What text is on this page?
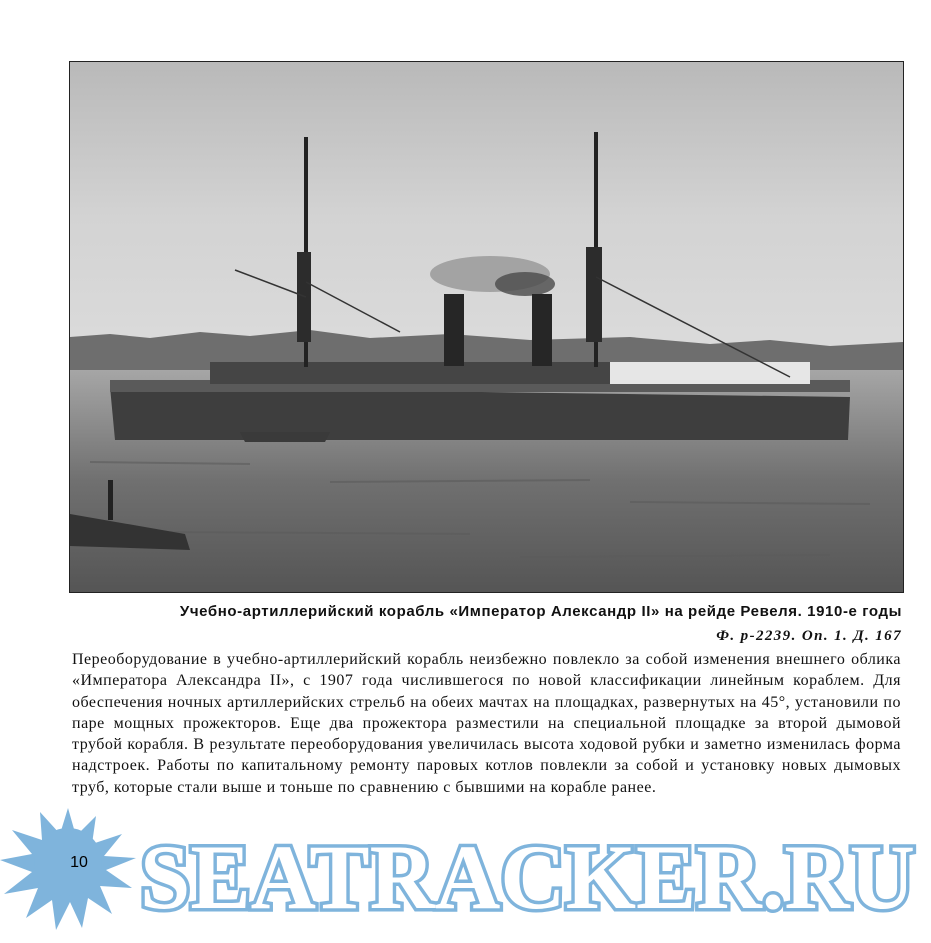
Учебно-артиллерийский корабль «Император Александр II» на рейде Ревеля. 1910-е годы
Ф. р-2239. Оп. 1. Д. 167
Переоборудование в учебно-артиллерийский корабль неизбежно повлекло за собой изменения внешнего облика «Императора Александра II», с 1907 года числившегося по новой классификации линейным кораблем. Для обеспечения ночных артиллерийских стрельб на обеих мачтах на площадках, развернутых на 45°, установили по паре мощных прожекторов. Еще два прожектора разместили на специальной площадке за второй дымовой трубой корабля. В результате переоборудования увеличилась высота ходовой рубки и заметно изменилась форма надстроек. Работы по капитальному ремонту паровых котлов повлекли за собой и установку новых дымовых труб, которые стали выше и тоньше по сравнению с бывшими на корабле ранее.
10 SEATRACKER.RU
